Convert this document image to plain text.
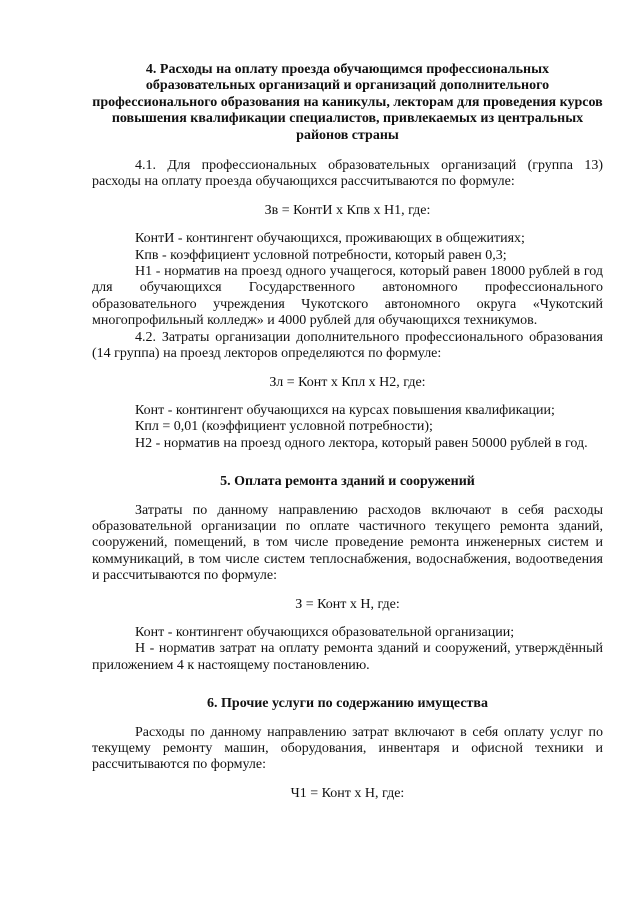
4. Расходы на оплату проезда обучающимся профессиональных образовательных организаций и организаций дополнительного профессионального образования на каникулы, лекторам для проведения курсов повышения квалификации специалистов, привлекаемых из центральных районов страны

4.1. Для профессиональных образовательных организаций (группа 13) расходы на оплату проезда обучающихся рассчитываются по формуле:

Зв = КонтИ х Кпв х Н1, где:

КонтИ - контингент обучающихся, проживающих в общежитиях;

Кпв - коэффициент условной потребности, который равен 0,3;

Н1 - норматив на проезд одного учащегося, который равен 18000 рублей в год для обучающихся Государственного автономного профессионального образовательного учреждения Чукотского автономного округа «Чукотский многопрофильный колледж» и 4000 рублей для обучающихся техникумов.

4.2. Затраты организации дополнительного профессионального образования (14 группа) на проезд лекторов определяются по формуле:

Зл = Конт х Кпл х Н2, где:

Конт - контингент обучающихся на курсах повышения квалификации;

Кпл = 0,01 (коэффициент условной потребности);

Н2 - норматив на проезд одного лектора, который равен 50000 рублей в год.

5. Оплата ремонта зданий и сооружений

Затраты по данному направлению расходов включают в себя расходы образовательной организации по оплате частичного текущего ремонта зданий, сооружений, помещений, в том числе проведение ремонта инженерных систем и коммуникаций, в том числе систем теплоснабжения, водоснабжения, водоотведения и рассчитываются по формуле:

З = Конт х Н, где:

Конт - контингент обучающихся образовательной организации;

Н - норматив затрат на оплату ремонта зданий и сооружений, утверждённый приложением 4 к настоящему постановлению.

6. Прочие услуги по содержанию имущества

Расходы по данному направлению затрат включают в себя оплату услуг по текущему ремонту машин, оборудования, инвентаря и офисной техники и рассчитываются по формуле:

Ч1 = Конт х Н, где:
